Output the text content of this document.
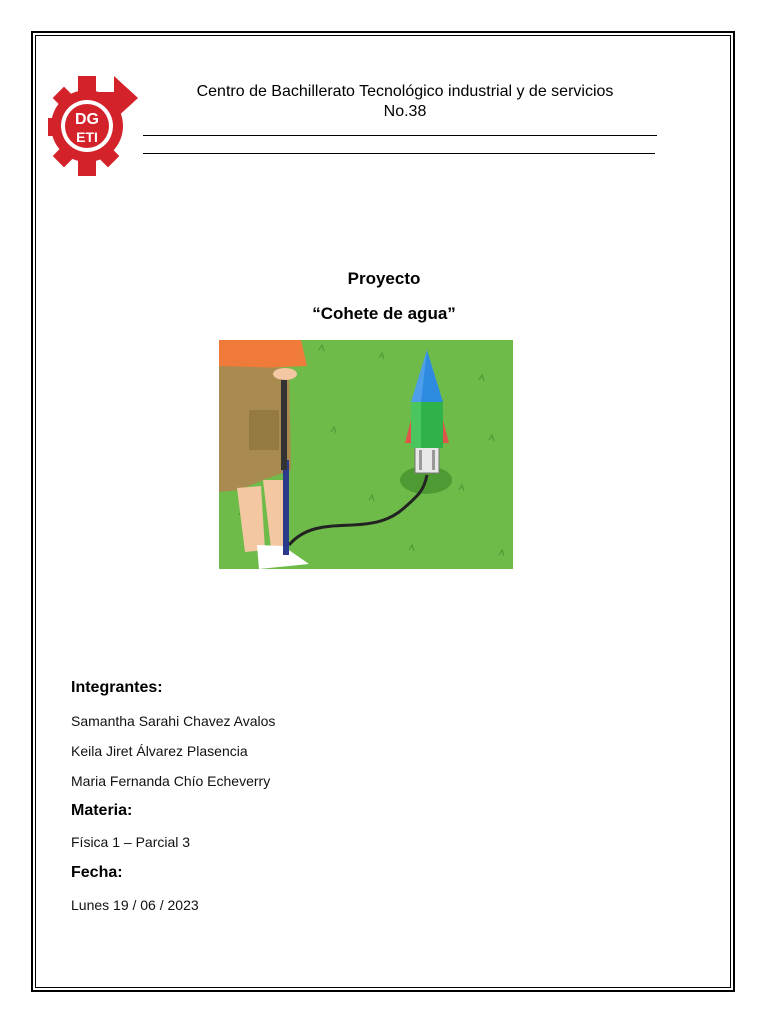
DG
ETI
Centro de Bachillerato Tecnológico industrial y de servicios
No.38
Proyecto
“Cohete de agua”
Integrantes:
Samantha Sarahi Chavez Avalos
Keila Jiret Álvarez Plasencia
Maria Fernanda Chío Echeverry
Materia:
Física 1 – Parcial 3
Fecha:
Lunes 19 / 06 / 2023
